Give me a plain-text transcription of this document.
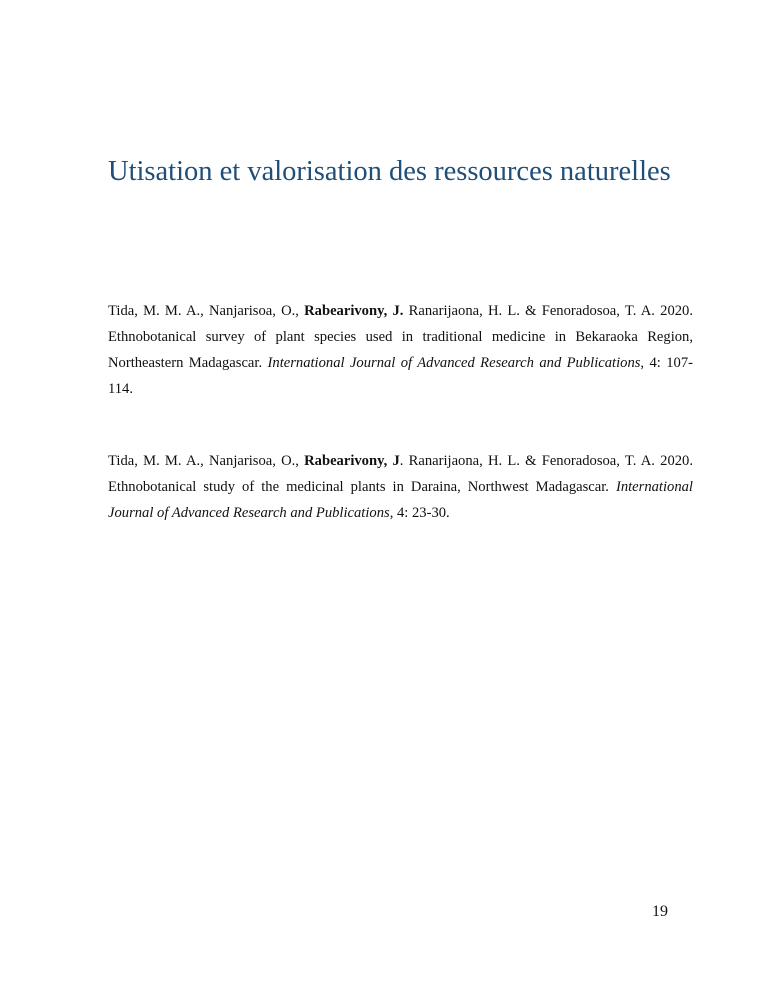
Utisation et valorisation des ressources naturelles

Tida, M. M. A., Nanjarisoa, O., Rabearivony, J. Ranarijaona, H. L. & Fenoradosoa, T. A. 2020. Ethnobotanical survey of plant species used in traditional medicine in Bekaraoka Region, Northeastern Madagascar. International Journal of Advanced Research and Publications, 4: 107-114.

Tida, M. M. A., Nanjarisoa, O., Rabearivony, J. Ranarijaona, H. L. & Fenoradosoa, T. A. 2020. Ethnobotanical study of the medicinal plants in Daraina, Northwest Madagascar. International Journal of Advanced Research and Publications, 4: 23-30.

19
